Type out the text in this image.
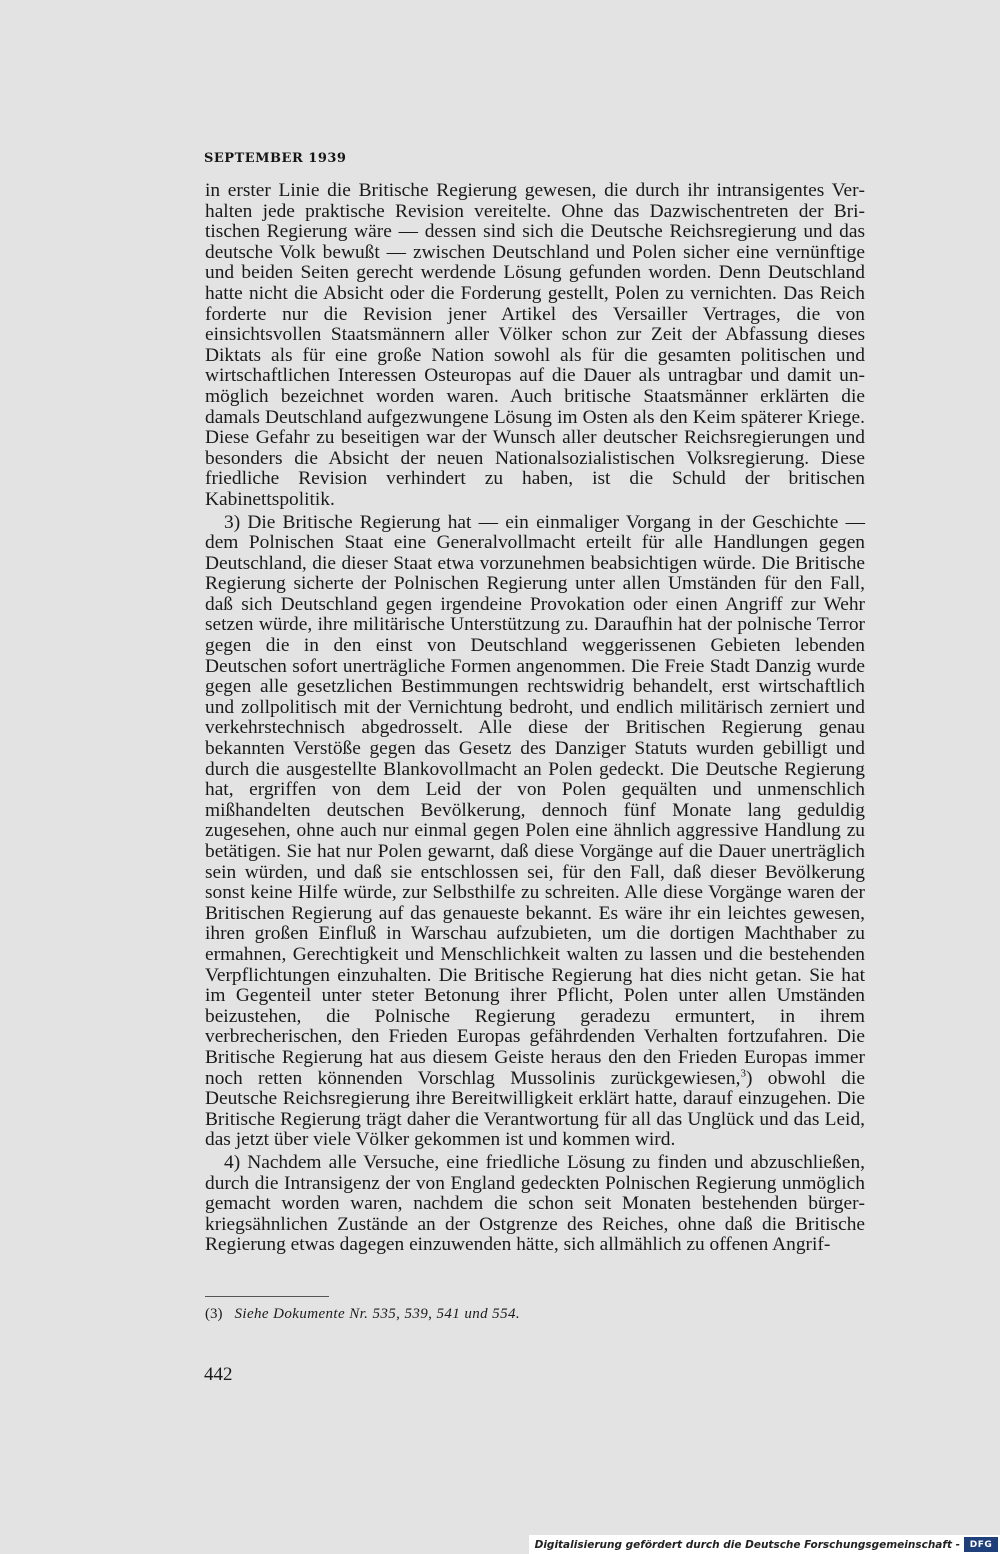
SEPTEMBER 1939

in erster Linie die Britische Regierung gewesen, die durch ihr intransigentes Verhalten jede praktische Revision vereitelte. Ohne das Dazwischentreten der Britischen Regierung wäre — dessen sind sich die Deutsche Reichsregierung und das deutsche Volk bewußt — zwischen Deutschland und Polen sicher eine vernünftige und beiden Seiten gerecht werdende Lösung gefunden worden. Denn Deutschland hatte nicht die Absicht oder die Forderung gestellt, Polen zu vernichten. Das Reich forderte nur die Revision jener Artikel des Versailler Vertrages, die von einsichtsvollen Staatsmännern aller Völker schon zur Zeit der Abfassung dieses Diktats als für eine große Nation sowohl als für die gesamten politischen und wirtschaftlichen Interessen Osteuropas auf die Dauer als untragbar und damit unmöglich bezeichnet worden waren. Auch britische Staatsmänner erklärten die damals Deutschland aufgezwungene Lösung im Osten als den Keim späterer Kriege. Diese Gefahr zu beseitigen war der Wunsch aller deutscher Reichsregierungen und besonders die Absicht der neuen Nationalsozialistischen Volksregierung. Diese friedliche Revision verhindert zu haben, ist die Schuld der britischen Kabinettspolitik.

3) Die Britische Regierung hat — ein einmaliger Vorgang in der Geschichte — dem Polnischen Staat eine Generalvollmacht erteilt für alle Handlungen gegen Deutschland, die dieser Staat etwa vorzunehmen beabsichtigen würde. Die Britische Regierung sicherte der Polnischen Regierung unter allen Umständen für den Fall, daß sich Deutschland gegen irgendeine Provokation oder einen Angriff zur Wehr setzen würde, ihre militärische Unterstützung zu. Daraufhin hat der polnische Terror gegen die in den einst von Deutschland weggerissenen Gebieten lebenden Deutschen sofort unerträgliche Formen angenommen. Die Freie Stadt Danzig wurde gegen alle gesetzlichen Bestimmungen rechtswidrig behandelt, erst wirtschaftlich und zollpolitisch mit der Vernichtung bedroht, und endlich militärisch zerniert und verkehrstechnisch abgedrosselt. Alle diese der Britischen Regierung genau bekannten Verstöße gegen das Gesetz des Danziger Statuts wurden gebilligt und durch die ausgestellte Blankovollmacht an Polen gedeckt. Die Deutsche Regierung hat, ergriffen von dem Leid der von Polen gequälten und unmenschlich mißhandelten deutschen Bevölkerung, dennoch fünf Monate lang geduldig zugesehen, ohne auch nur einmal gegen Polen eine ähnlich aggressive Handlung zu betätigen. Sie hat nur Polen gewarnt, daß diese Vorgänge auf die Dauer unerträglich sein würden, und daß sie entschlossen sei, für den Fall, daß dieser Bevölkerung sonst keine Hilfe würde, zur Selbsthilfe zu schreiten. Alle diese Vorgänge waren der Britischen Regierung auf das genaueste bekannt. Es wäre ihr ein leichtes gewesen, ihren großen Einfluß in Warschau aufzubieten, um die dortigen Machthaber zu ermahnen, Gerechtigkeit und Menschlichkeit walten zu lassen und die bestehenden Verpflichtungen einzuhalten. Die Britische Regierung hat dies nicht getan. Sie hat im Gegenteil unter steter Betonung ihrer Pflicht, Polen unter allen Umständen beizustehen, die Polnische Regierung geradezu ermuntert, in ihrem verbrecherischen, den Frieden Europas gefährdenden Verhalten fortzufahren. Die Britische Regierung hat aus diesem Geiste heraus den den Frieden Europas immer noch retten könnenden Vorschlag Mussolinis zurückgewiesen,$^3$) obwohl die Deutsche Reichsregierung ihre Bereitwilligkeit erklärt hatte, darauf einzugehen. Die Britische Regierung trägt daher die Verantwortung für all das Unglück und das Leid, das jetzt über viele Völker gekommen ist und kommen wird.

4) Nachdem alle Versuche, eine friedliche Lösung zu finden und abzuschließen, durch die Intransigenz der von England gedeckten Polnischen Regierung unmöglich gemacht worden waren, nachdem die schon seit Monaten bestehenden bürgerkriegsähnlichen Zustände an der Ostgrenze des Reiches, ohne daß die Britische Regierung etwas dagegen einzuwenden hätte, sich allmählich zu offenen Angrif-

(3) Siehe Dokumente Nr. 535, 539, 541 und 554.
442
Digitalisierung gefördert durch die Deutsche Forschungsgemeinschaft -	DFG
